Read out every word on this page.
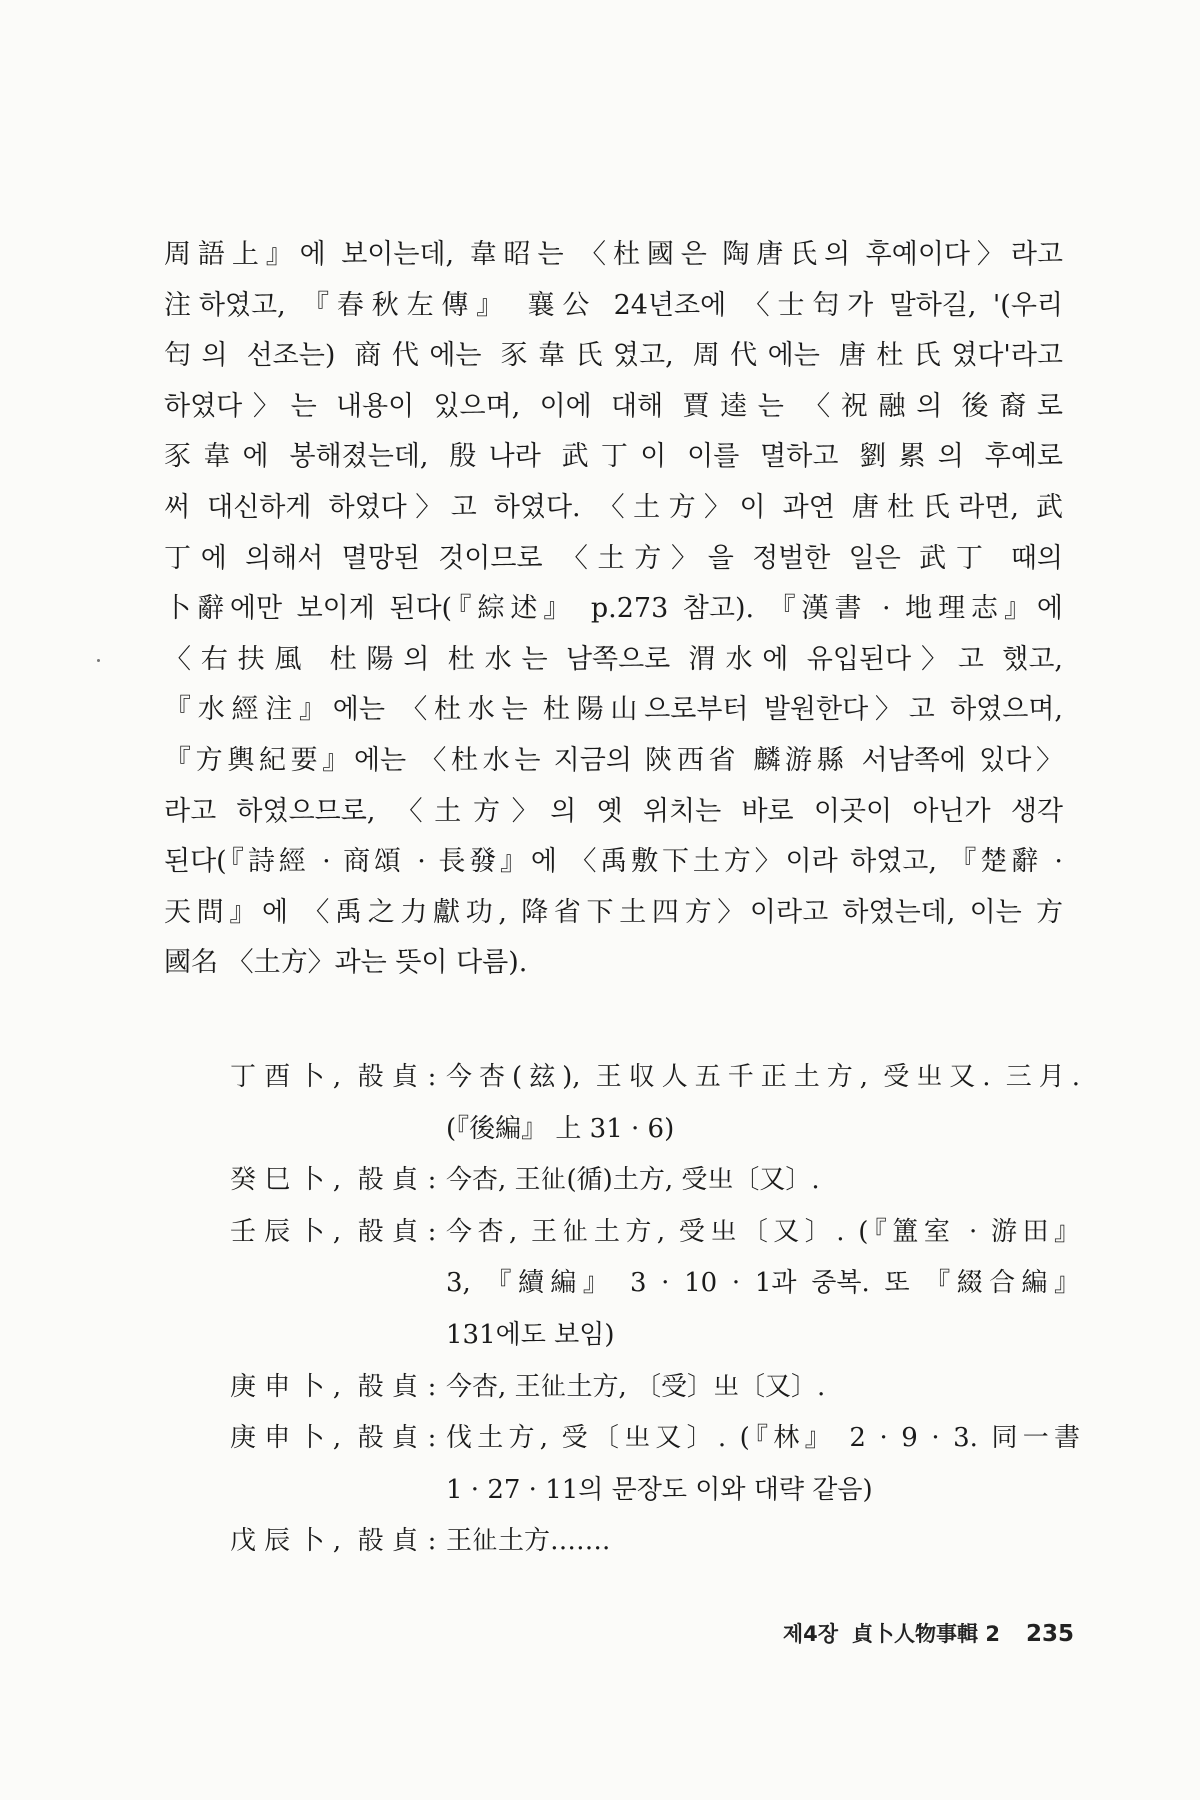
周語上』에 보이는데, 韋昭는 〈杜國은 陶唐氏의 후예이다〉라고
注하였고, 『春秋左傳』 襄公 24년조에 〈士匄가 말하길, '(우리
匄의 선조는) 商代에는 豕韋氏였고, 周代에는 唐杜氏였다'라고
하였다〉는 내용이 있으며, 이에 대해 賈逵는 〈祝融의 後裔로
豕韋에 봉해졌는데, 殷나라 武丁이 이를 멸하고 劉累의 후예로
써 대신하게 하였다〉고 하였다. 〈土方〉이 과연 唐杜氏라면, 武
丁에 의해서 멸망된 것이므로 〈土方〉을 정벌한 일은 武丁 때의
卜辭에만 보이게 된다(『綜述』 p.273 참고). 『漢書 · 地理志』에
〈右扶風 杜陽의 杜水는 남쪽으로 渭水에 유입된다〉고 했고,
『水經注』에는 〈杜水는 杜陽山으로부터 발원한다〉고 하였으며,
『方輿紀要』에는 〈杜水는 지금의 陝西省 麟游縣 서남쪽에 있다〉
라고 하였으므로, 〈土方〉의 옛 위치는 바로 이곳이 아닌가 생각
된다(『詩經 · 商頌 · 長發』에 〈禹敷下土方〉이라 하였고, 『楚辭 ·
天問』에 〈禹之力獻功, 降省下土四方〉이라고 하였는데, 이는 方
國名 〈土方〉과는 뜻이 다름).
丁酉卜, 㱿貞 : 今杏(玆), 王収人五千正土方, 受㞢又. 三月.
(『後編』 上 31 · 6)
癸巳卜, 㱿貞 : 今杏, 王𢓊(循)土方, 受㞢〔又〕.
壬辰卜, 㱿貞 : 今杏, 王𢓊土方, 受㞢〔又〕. (『簠室 · 游田』
3, 『續編』 3 · 10 · 1과 중복. 또 『綴合編』
131에도 보임)
庚申卜, 㱿貞 : 今杏, 王𢓊土方, 〔受〕㞢〔又〕.
庚申卜, 㱿貞 : 伐土方, 受〔㞢又〕. (『林』 2 · 9 · 3. 同一書
1 · 27 · 11의 문장도 이와 대략 같음)
戊辰卜, 㱿貞 : 王𢓊土方…….
제4장 貞卜人物事輯 2 235
